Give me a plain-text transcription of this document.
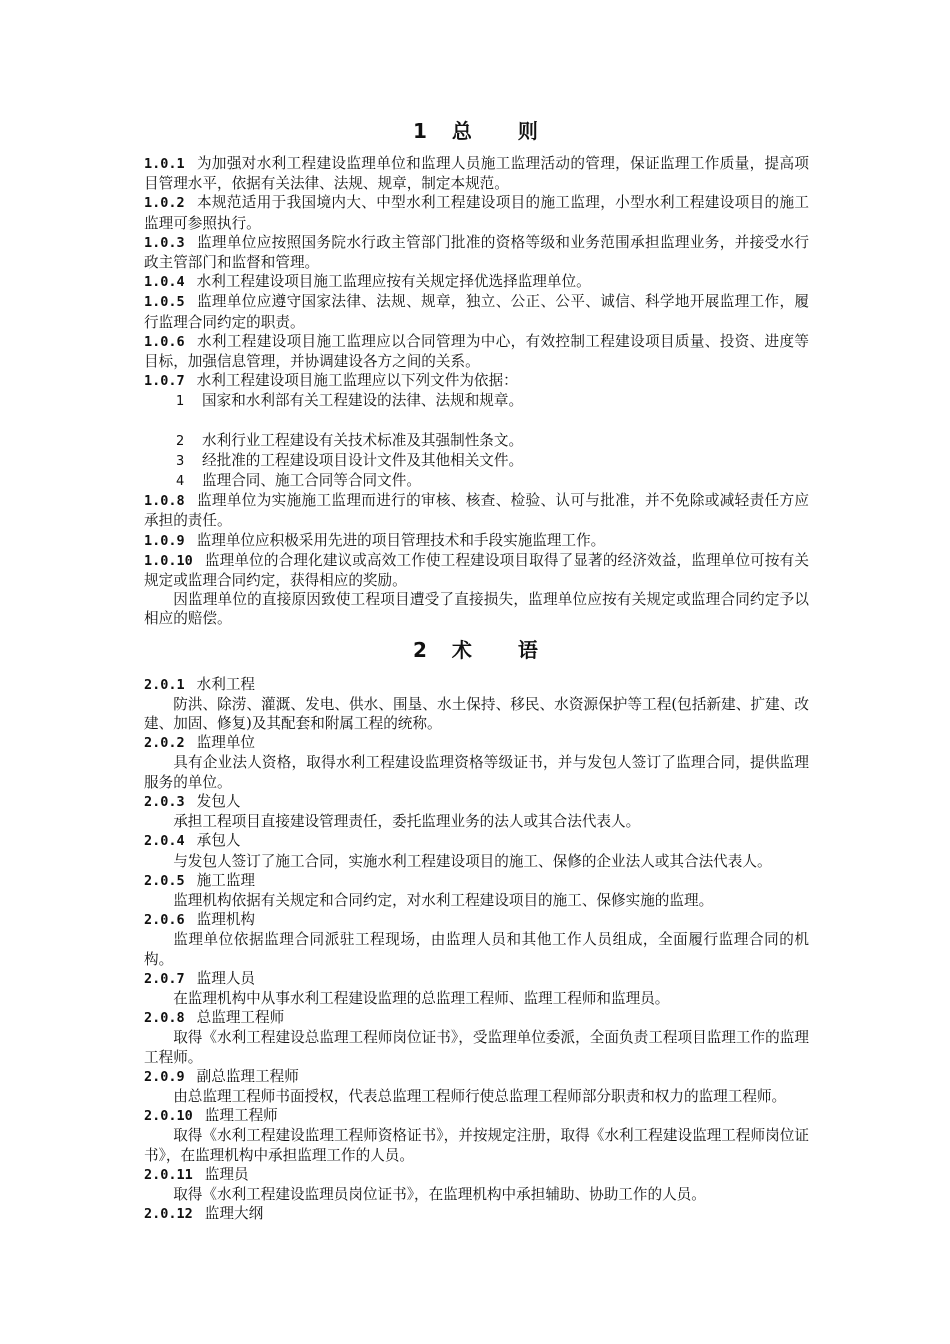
1 总　　则

1.0.1 为加强对水利工程建设监理单位和监理人员施工监理活动的管理，保证监理工作质量，提高项目管理水平，依据有关法律、法规、规章，制定本规范。

1.0.2 本规范适用于我国境内大、中型水利工程建设项目的施工监理，小型水利工程建设项目的施工监理可参照执行。

1.0.3 监理单位应按照国务院水行政主管部门批准的资格等级和业务范围承担监理业务，并接受水行政主管部门和监督和管理。

1.0.4 水利工程建设项目施工监理应按有关规定择优选择监理单位。

1.0.5 监理单位应遵守国家法律、法规、规章，独立、公正、公平、诚信、科学地开展监理工作，履行监理合同约定的职责。

1.0.6 水利工程建设项目施工监理应以合同管理为中心，有效控制工程建设项目质量、投资、进度等目标，加强信息管理，并协调建设各方之间的关系。

1.0.7 水利工程建设项目施工监理应以下列文件为依据：

1 国家和水利部有关工程建设的法律、法规和规章。

2 水利行业工程建设有关技术标准及其强制性条文。

3 经批准的工程建设项目设计文件及其他相关文件。

4 监理合同、施工合同等合同文件。

1.0.8 监理单位为实施施工监理而进行的审核、核查、检验、认可与批准，并不免除或减轻责任方应承担的责任。

1.0.9 监理单位应积极采用先进的项目管理技术和手段实施监理工作。

1.0.10 监理单位的合理化建议或高效工作使工程建设项目取得了显著的经济效益，监理单位可按有关规定或监理合同约定，获得相应的奖励。

因监理单位的直接原因致使工程项目遭受了直接损失，监理单位应按有关规定或监理合同约定予以相应的赔偿。

2 术　　语

2.0.1 水利工程

防洪、除涝、灌溉、发电、供水、围垦、水土保持、移民、水资源保护等工程(包括新建、扩建、改建、加固、修复)及其配套和附属工程的统称。

2.0.2 监理单位

具有企业法人资格，取得水利工程建设监理资格等级证书，并与发包人签订了监理合同，提供监理服务的单位。

2.0.3 发包人

承担工程项目直接建设管理责任，委托监理业务的法人或其合法代表人。

2.0.4 承包人

与发包人签订了施工合同，实施水利工程建设项目的施工、保修的企业法人或其合法代表人。

2.0.5 施工监理

监理机构依据有关规定和合同约定，对水利工程建设项目的施工、保修实施的监理。

2.0.6 监理机构

监理单位依据监理合同派驻工程现场，由监理人员和其他工作人员组成，全面履行监理合同的机构。

2.0.7 监理人员

在监理机构中从事水利工程建设监理的总监理工程师、监理工程师和监理员。

2.0.8 总监理工程师

取得《水利工程建设总监理工程师岗位证书》，受监理单位委派，全面负责工程项目监理工作的监理工程师。

2.0.9 副总监理工程师

由总监理工程师书面授权，代表总监理工程师行使总监理工程师部分职责和权力的监理工程师。

2.0.10 监理工程师

取得《水利工程建设监理工程师资格证书》，并按规定注册，取得《水利工程建设监理工程师岗位证书》，在监理机构中承担监理工作的人员。

2.0.11 监理员

取得《水利工程建设监理员岗位证书》，在监理机构中承担辅助、协助工作的人员。

2.0.12 监理大纲
